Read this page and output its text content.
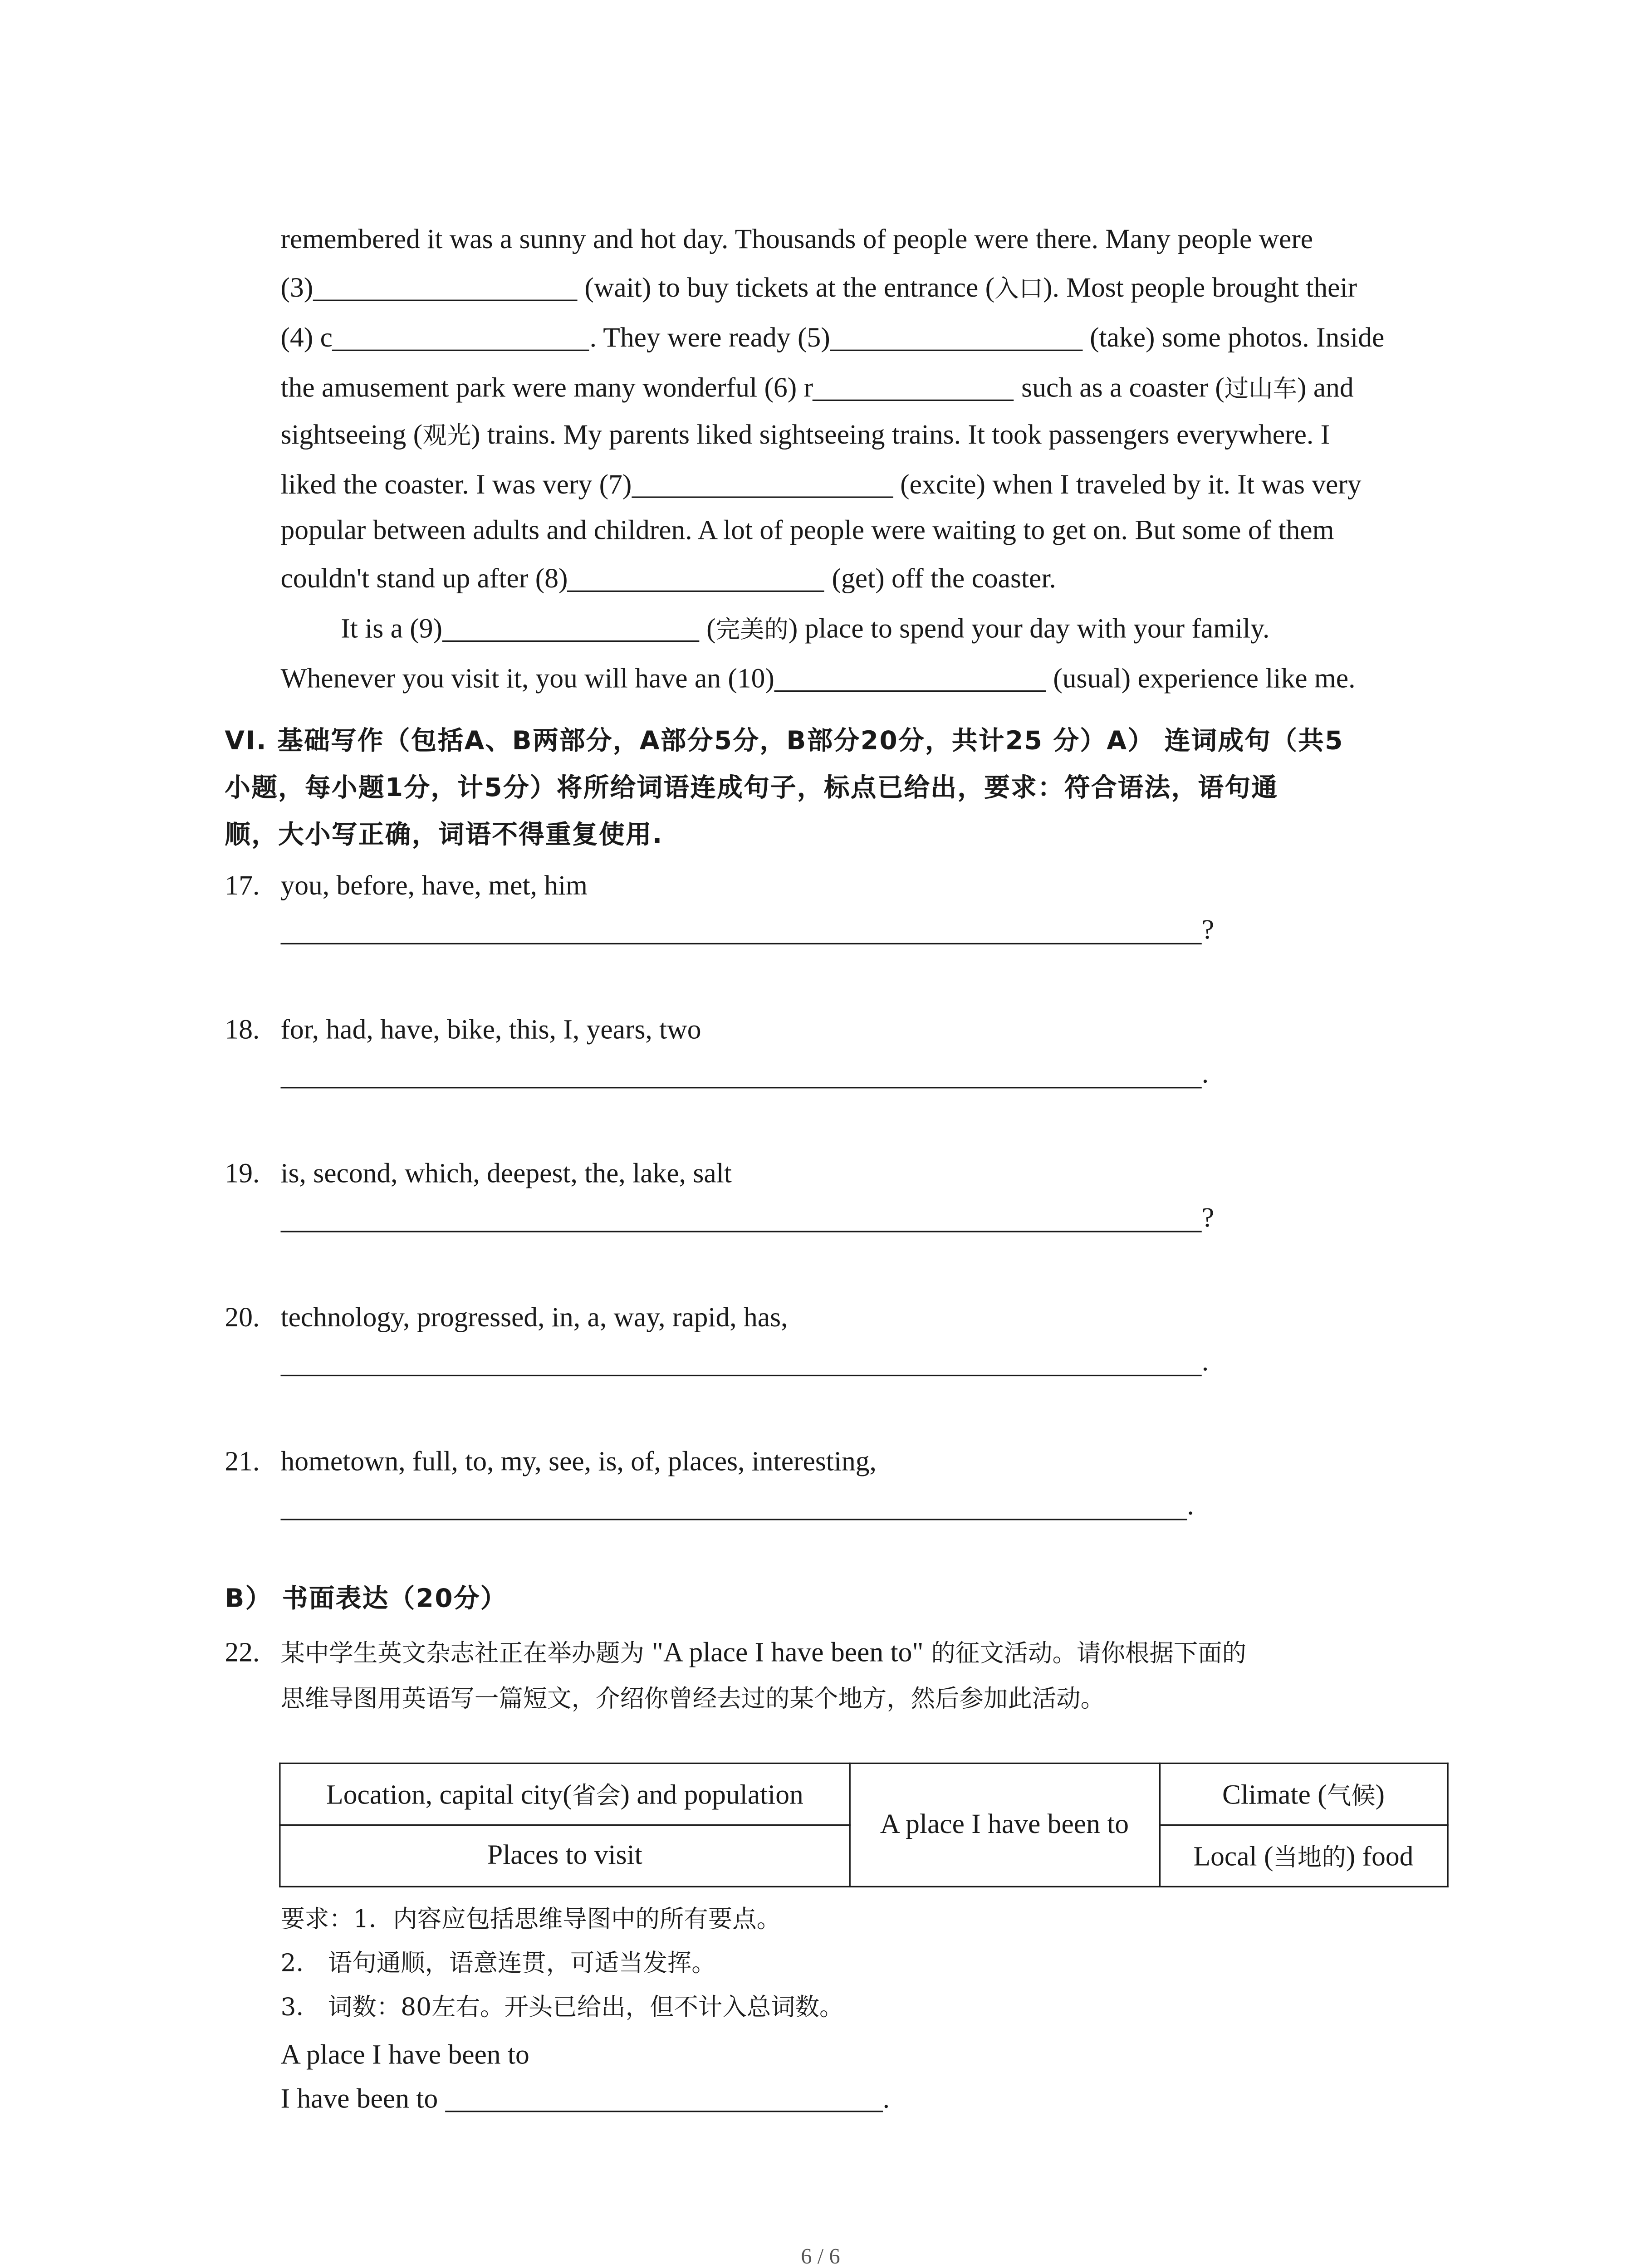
remembered it was a sunny and hot day. Thousands of people were there. Many people were
(3)	(wait) to buy tickets at the entrance (入口). Most people brought their
(4) c	. They were ready (5)	(take) some photos. Inside
the amusement park were many wonderful (6) r	such as a coaster (过山车) and
sightseeing (观光) trains. My parents liked sightseeing trains. It took passengers everywhere. I
liked the coaster. I was very (7)	(excite) when I traveled by it. It was very
popular between adults and children. A lot of people were waiting to get on. But some of them
couldn't stand up after (8)	(get) off the coaster.
It is a (9)	(完美的) place to spend your day with your family.
Whenever you visit it, you will have an (10)	(usual) experience like me.
VI. 基础写作（包括A、B两部分，A部分5分，B部分20分，共计25 分）A） 连词成句（共5
小题，每小题1分，计5分）将所给词语连成句子，标点已给出，要求：符合语法，语句通
顺，大小写正确，词语不得重复使用.
17.	you, before, have, met, him
?
18.	for, had, have, bike, this, I, years, two
.
19.	is, second, which, deepest, the, lake, salt
?
20.	technology, progressed, in, a, way, rapid, has,
.
21.	hometown, full, to, my, see, is, of, places, interesting,
.
B） 书面表达（20分）
22.	某中学生英文杂志社正在举办题为 "A place I have been to" 的征文活动。请你根据下面的
思维导图用英语写一篇短文，介绍你曾经去过的某个地方，然后参加此活动。
Location, capital city(省会) and population	A place I have been to	Climate (气候)
Places to visit		Local (当地的) food
要求：1．内容应包括思维导图中的所有要点。
2． 语句通顺，语意连贯，可适当发挥。
3． 词数：80左右。开头已给出，但不计入总词数。
A place I have been to
I have been to	.
6 / 6
